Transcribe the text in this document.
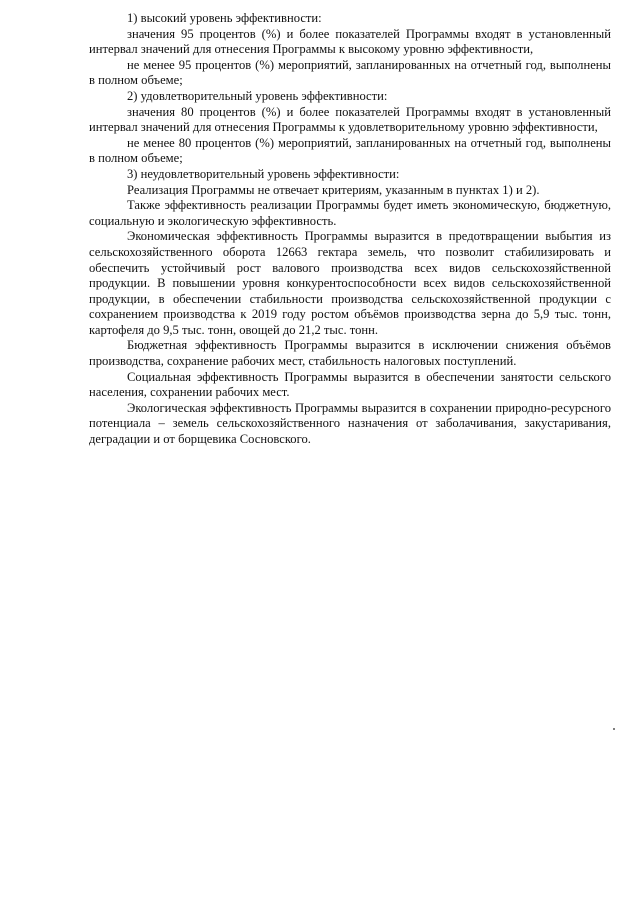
1) высокий уровень эффективности:

значения 95 процентов (%) и более показателей Программы входят в установленный интервал значений для отнесения Программы к высокому уровню эффективности,

не менее 95 процентов (%) мероприятий, запланированных на отчетный год, выполнены в полном объеме;

2) удовлетворительный уровень эффективности:

значения 80 процентов (%) и более показателей Программы входят в установленный интервал значений для отнесения Программы к удовлетворительному уровню эффективности,

не менее 80 процентов (%) мероприятий, запланированных на отчетный год, выполнены в полном объеме;

3) неудовлетворительный уровень эффективности:

Реализация Программы не отвечает критериям, указанным в пунктах 1) и 2).

Также эффективность реализации Программы будет иметь экономическую, бюджетную, социальную и экологическую эффективность.

Экономическая эффективность Программы выразится в предотвращении выбытия из сельскохозяйственного оборота 12663 гектара земель, что позволит стабилизировать и обеспечить устойчивый рост валового производства всех видов сельскохозяйственной продукции. В повышении уровня конкурентоспособности всех видов сельскохозяйственной продукции, в обеспечении стабильности производства сельскохозяйственной продукции с сохранением производства к 2019 году ростом объёмов производства зерна до 5,9 тыс. тонн, картофеля до 9,5 тыс. тонн, овощей до 21,2 тыс. тонн.

Бюджетная эффективность Программы выразится в исключении снижения объёмов производства, сохранение рабочих мест, стабильность налоговых поступлений.

Социальная эффективность Программы выразится в обеспечении занятости сельского населения, сохранении рабочих мест.

Экологическая эффективность Программы выразится в сохранении природно-ресурсного потенциала – земель сельскохозяйственного назначения от заболачивания, закустаривания, деградации и от борщевика Сосновского.
